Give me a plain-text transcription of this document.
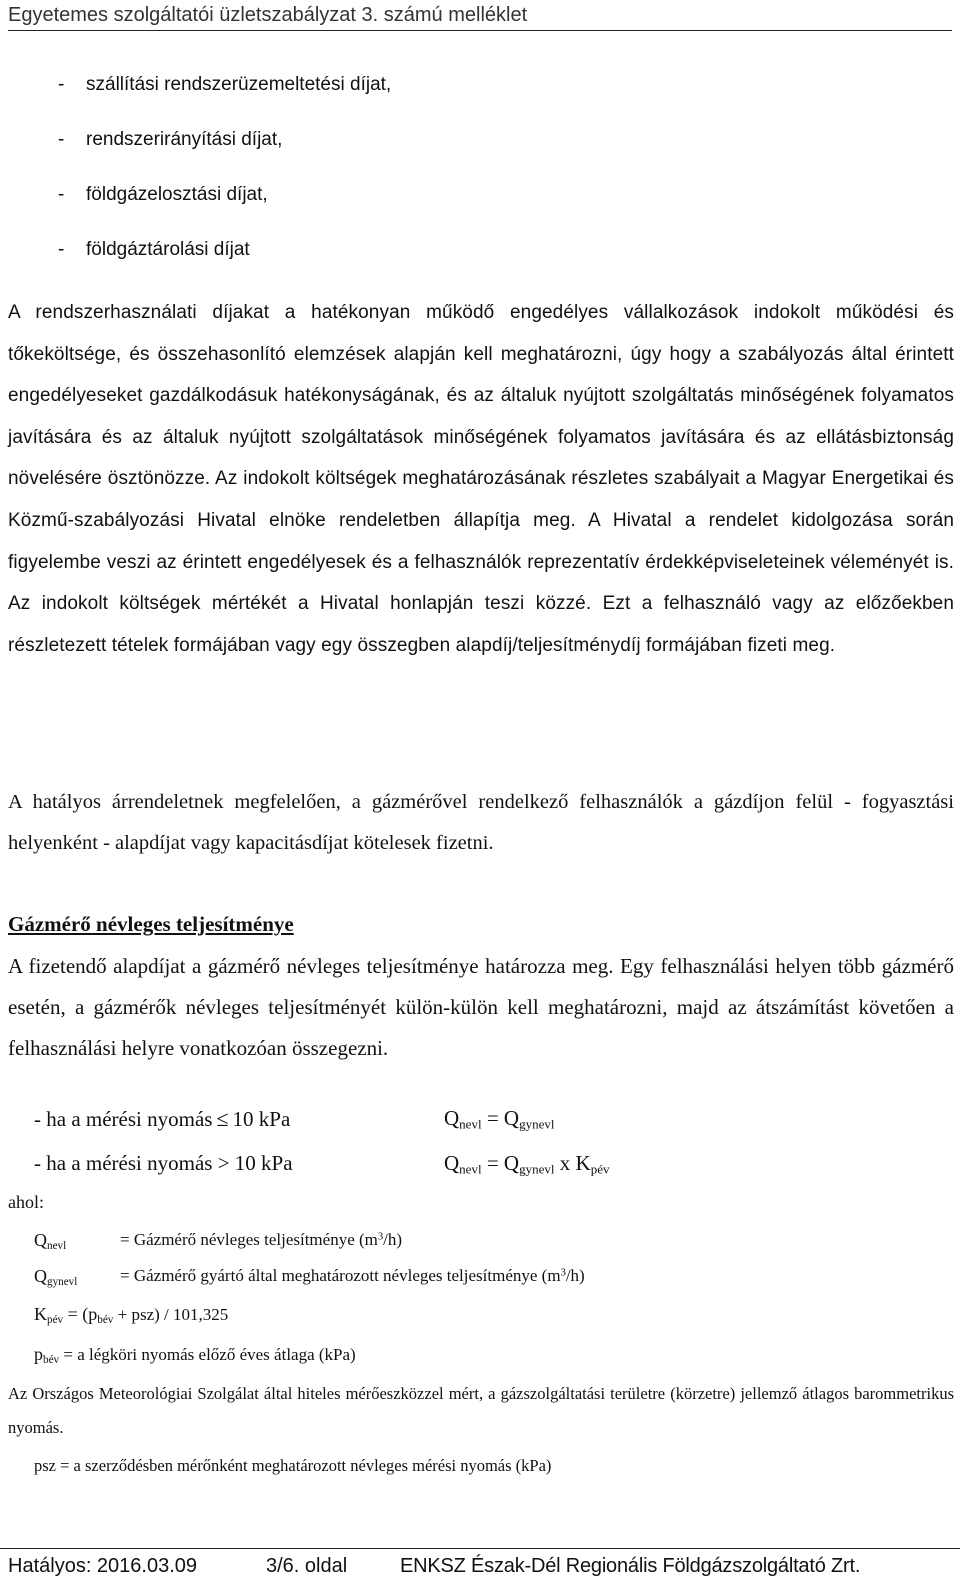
Egyetemes szolgáltatói üzletszabályzat 3. számú melléklet
- szállítási rendszerüzemeltetési díjat,
- rendszerirányítási díjat,
- földgázelosztási díjat,
- földgáztárolási díjat
A rendszerhasználati díjakat a hatékonyan működő engedélyes vállalkozások indokolt működési és tőkeköltsége, és összehasonlító elemzések alapján kell meghatározni, úgy hogy a szabályozás által érintett engedélyeseket gazdálkodásuk hatékonyságának, és az általuk nyújtott szolgáltatás minőségének folyamatos javítására és az általuk nyújtott szolgáltatások minőségének folyamatos javítására és az ellátásbiztonság növelésére ösztönözze. Az indokolt költségek meghatározásának részletes szabályait a Magyar Energetikai és Közmű-szabályozási Hivatal elnöke rendeletben állapítja meg. A Hivatal a rendelet kidolgozása során figyelembe veszi az érintett engedélyesek és a felhasználók reprezentatív érdekképviseleteinek véleményét is. Az indokolt költségek mértékét a Hivatal honlapján teszi közzé. Ezt a felhasználó vagy az előzőekben részletezett tételek formájában vagy egy összegben alapdíj/teljesítménydíj formájában fizeti meg.
A hatályos árrendeletnek megfelelően, a gázmérővel rendelkező felhasználók a gázdíjon felül - fogyasztási helyenként - alapdíjat vagy kapacitásdíjat kötelesek fizetni.
Gázmérő névleges teljesítménye
A fizetendő alapdíjat a gázmérő névleges teljesítménye határozza meg. Egy felhasználási helyen több gázmérő esetén, a gázmérők névleges teljesítményét külön-külön kell meghatározni, majd az átszámítást követően a felhasználási helyre vonatkozóan összegezni.
- ha a mérési nyomás ≤ 10 kPa	$Q_{nevl} = Q_{gynevl}$
- ha a mérési nyomás > 10 kPa	$Q_{nevl} = Q_{gynevl}$ x $K_{pév}$
ahol:
$Q_{nevl}$	= Gázmérő névleges teljesítménye $(m^3/h)$
$Q_{gynevl}$	= Gázmérő gyártó által meghatározott névleges teljesítménye $(m^3/h)$
$K_{pév} = (p_{bév} + psz) / 101,325$
$p_{bév} = a$ légköri nyomás előző éves átlaga (kPa)
Az Országos Meteorológiai Szolgálat által hiteles mérőeszközzel mért, a gázszolgáltatási területre (körzetre) jellemző átlagos barommetrikus nyomás.
psz = a szerződésben mérőnként meghatározott névleges mérési nyomás (kPa)
Hatályos: 2016.03.09	3/6. oldal	ENKSZ Észak-Dél Regionális Földgázszolgáltató Zrt.
